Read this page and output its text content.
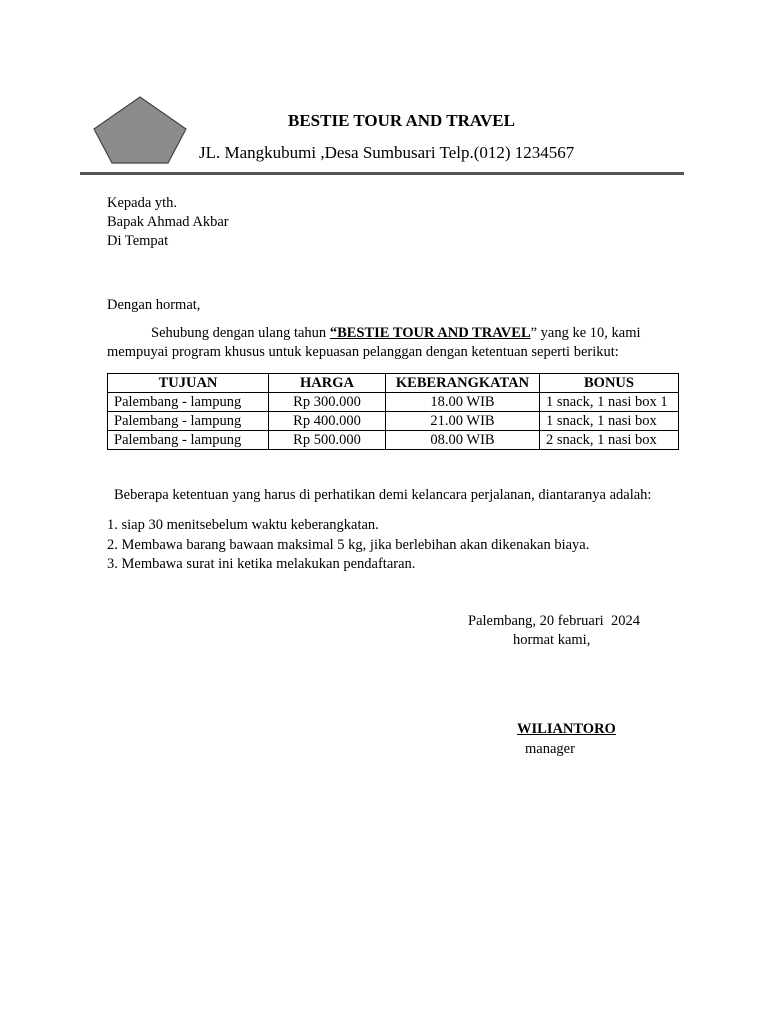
BESTIE TOUR AND TRAVEL
JL. Mangkubumi ,Desa Sumbusari Telp.(012) 1234567
Kepada yth.
Bapak Ahmad Akbar
Di Tempat
Dengan hormat,
Sehubung dengan ulang tahun “BESTIE TOUR AND TRAVEL” yang ke 10, kami mempuyai program khusus untuk kepuasan pelanggan dengan ketentuan seperti berikut:
TUJUAN	HARGA	KEBERANGKATAN	BONUS
Palembang - lampung	Rp 300.000	18.00 WIB	1 snack, 1 nasi box 1
Palembang - lampung	Rp 400.000	21.00 WIB	1 snack, 1 nasi box
Palembang - lampung	Rp 500.000	08.00 WIB	2 snack, 1 nasi box
Beberapa ketentuan yang harus di perhatikan demi kelancara perjalanan, diantaranya adalah:
1. siap 30 menitsebelum waktu keberangkatan.
2. Membawa barang bawaan maksimal 5 kg, jika berlebihan akan dikenakan biaya.
3. Membawa surat ini ketika melakukan pendaftaran.
Palembang, 20 februari  2024
hormat kami,
WILIANTORO
manager
